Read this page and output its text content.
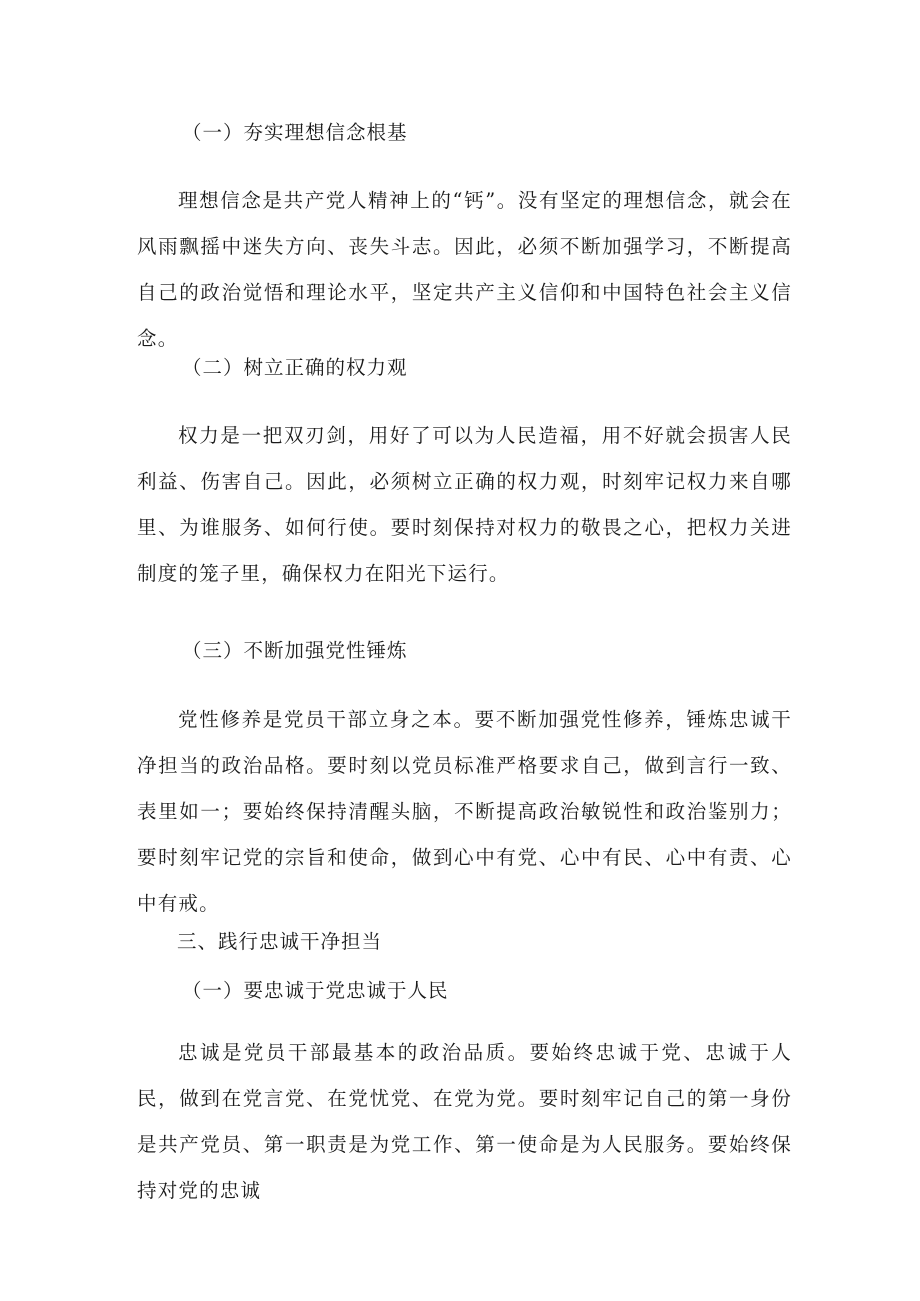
（一）夯实理想信念根基

理想信念是共产党人精神上的“钙”。没有坚定的理想信念，就会在风雨飘摇中迷失方向、丧失斗志。因此，必须不断加强学习，不断提高自己的政治觉悟和理论水平，坚定共产主义信仰和中国特色社会主义信念。

（二）树立正确的权力观

权力是一把双刃剑，用好了可以为人民造福，用不好就会损害人民利益、伤害自己。因此，必须树立正确的权力观，时刻牢记权力来自哪里、为谁服务、如何行使。要时刻保持对权力的敬畏之心，把权力关进制度的笼子里，确保权力在阳光下运行。

（三）不断加强党性锤炼

党性修养是党员干部立身之本。要不断加强党性修养，锤炼忠诚干净担当的政治品格。要时刻以党员标准严格要求自己，做到言行一致、表里如一；要始终保持清醒头脑，不断提高政治敏锐性和政治鉴别力；要时刻牢记党的宗旨和使命，做到心中有党、心中有民、心中有责、心中有戒。

三、践行忠诚干净担当
（一）要忠诚于党忠诚于人民

忠诚是党员干部最基本的政治品质。要始终忠诚于党、忠诚于人民，做到在党言党、在党忧党、在党为党。要时刻牢记自己的第一身份是共产党员、第一职责是为党工作、第一使命是为人民服务。要始终保持对党的忠诚
